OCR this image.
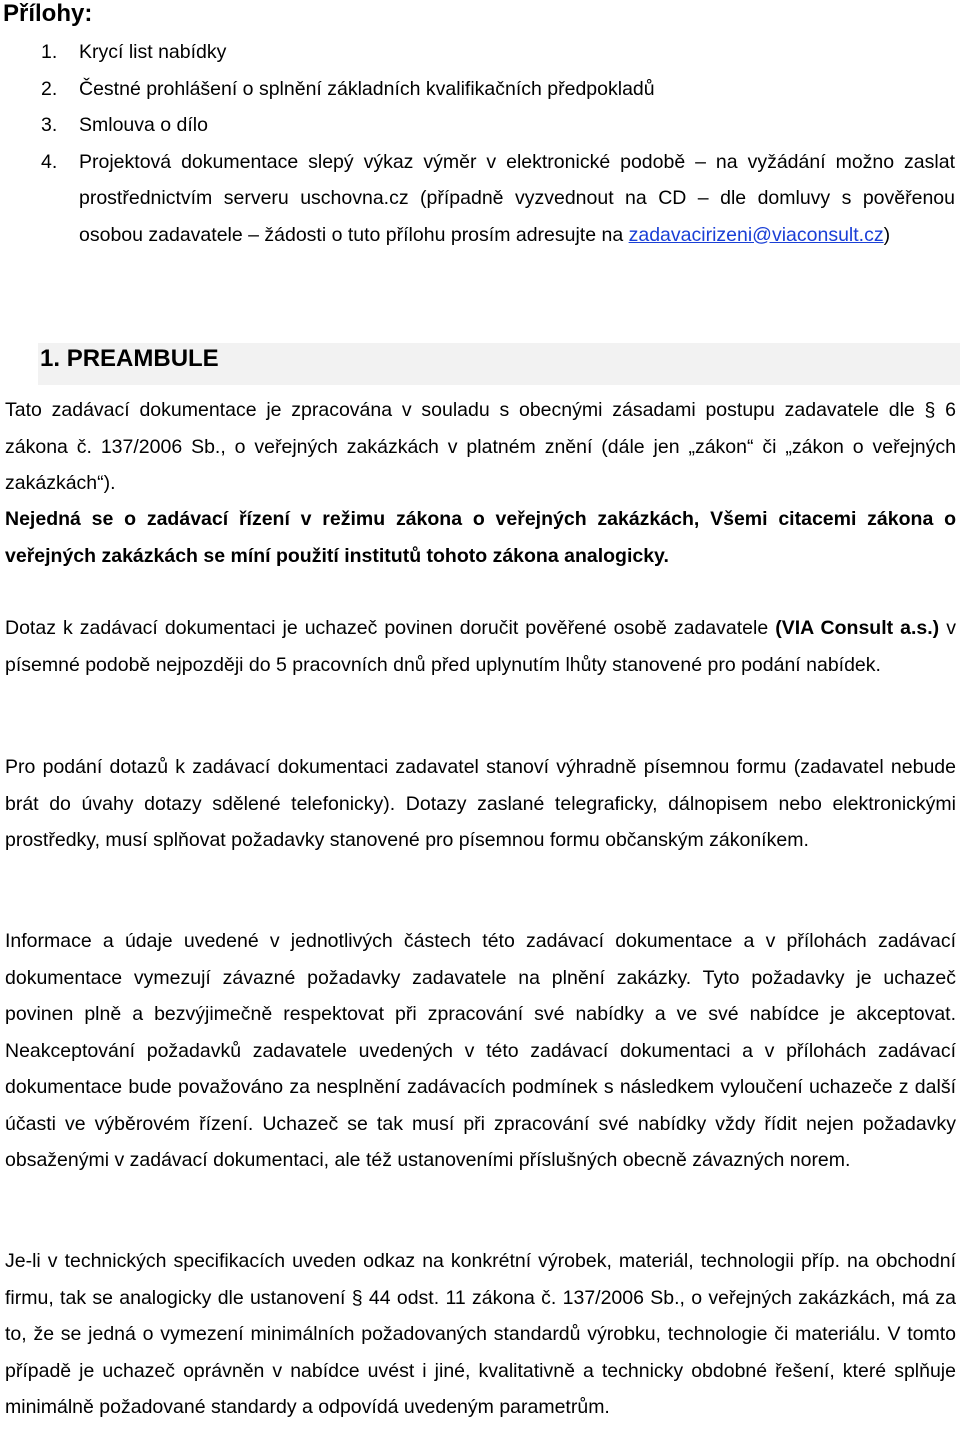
Přílohy:
1. Krycí list nabídky
2. Čestné prohlášení o splnění základních kvalifikačních předpokladů
3. Smlouva o dílo
4. Projektová dokumentace slepý výkaz výměr v elektronické podobě – na vyžádání možno zaslat prostřednictvím serveru uschovna.cz (případně vyzvednout na CD – dle domluvy s pověřenou osobou zadavatele – žádosti o tuto přílohu prosím adresujte na zadavacirizeni@viaconsult.cz)
1. PREAMBULE

Tato zadávací dokumentace je zpracována v souladu s obecnými zásadami postupu zadavatele dle § 6 zákona č. 137/2006 Sb., o veřejných zakázkách v platném znění (dále jen „zákon“ či „zákon o veřejných zakázkách“).

Nejedná se o zadávací řízení v režimu zákona o veřejných zakázkách, Všemi citacemi zákona o veřejných zakázkách se míní použití institutů tohoto zákona analogicky.

Dotaz k zadávací dokumentaci je uchazeč povinen doručit pověřené osobě zadavatele (VIA Consult a.s.) v písemné podobě nejpozději do 5 pracovních dnů před uplynutím lhůty stanovené pro podání nabídek.

Pro podání dotazů k zadávací dokumentaci zadavatel stanoví výhradně písemnou formu (zadavatel nebude brát do úvahy dotazy sdělené telefonicky). Dotazy zaslané telegraficky, dálnopisem nebo elektronickými prostředky, musí splňovat požadavky stanovené pro písemnou formu občanským zákoníkem.

Informace a údaje uvedené v jednotlivých částech této zadávací dokumentace a v přílohách zadávací dokumentace vymezují závazné požadavky zadavatele na plnění zakázky. Tyto požadavky je uchazeč povinen plně a bezvýjimečně respektovat při zpracování své nabídky a ve své nabídce je akceptovat. Neakceptování požadavků zadavatele uvedených v této zadávací dokumentaci a v přílohách zadávací dokumentace bude považováno za nesplnění zadávacích podmínek s následkem vyloučení uchazeče z další účasti ve výběrovém řízení. Uchazeč se tak musí při zpracování své nabídky vždy řídit nejen požadavky obsaženými v zadávací dokumentaci, ale též ustanoveními příslušných obecně závazných norem.

Je-li v technických specifikacích uveden odkaz na konkrétní výrobek, materiál, technologii příp. na obchodní firmu, tak se analogicky dle ustanovení § 44 odst. 11 zákona č. 137/2006 Sb., o veřejných zakázkách, má za to, že se jedná o vymezení minimálních požadovaných standardů výrobku, technologie či materiálu. V tomto případě je uchazeč oprávněn v nabídce uvést i jiné, kvalitativně a technicky obdobné řešení, které splňuje minimálně požadované standardy a odpovídá uvedeným parametrům.
